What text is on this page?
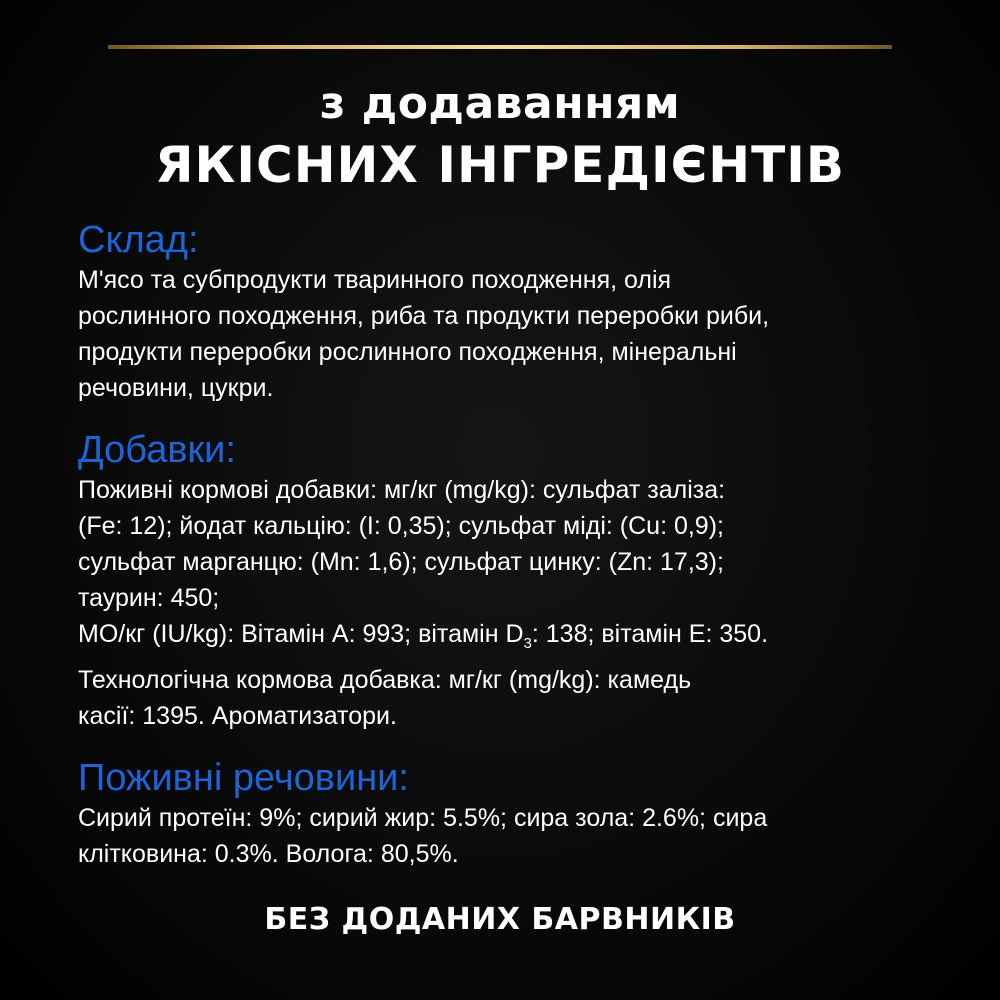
з додаванням
ЯКІСНИХ ІНГРЕДІЄНТІВ
Склад:

М'ясо та субпродукти тваринного походження, олія
рослинного походження, риба та продукти переробки риби,
продукти переробки рослинного походження, мінеральні
речовини, цукри.

Добавки:

Поживні кормові добавки: мг/кг (mg/kg): сульфат заліза:
(Fe: 12); йодат кальцію: (I: 0,35); сульфат міді: (Cu: 0,9);
сульфат марганцю: (Mn: 1,6); сульфат цинку: (Zn: 17,3);
таурин: 450;
МО/кг (IU/kg): Вітамін А: 993; вітамін $D_3$: 138; вітамін Е: 350.
Технологічна кормова добавка: мг/кг (mg/kg): камедь
касії: 1395. Ароматизатори.

Поживні речовини:

Сирий протеїн: 9%; сирий жир: 5.5%; сира зола: 2.6%; сира
клітковина: 0.3%. Волога: 80,5%.

БЕЗ ДОДАНИХ БАРВНИКІВ
